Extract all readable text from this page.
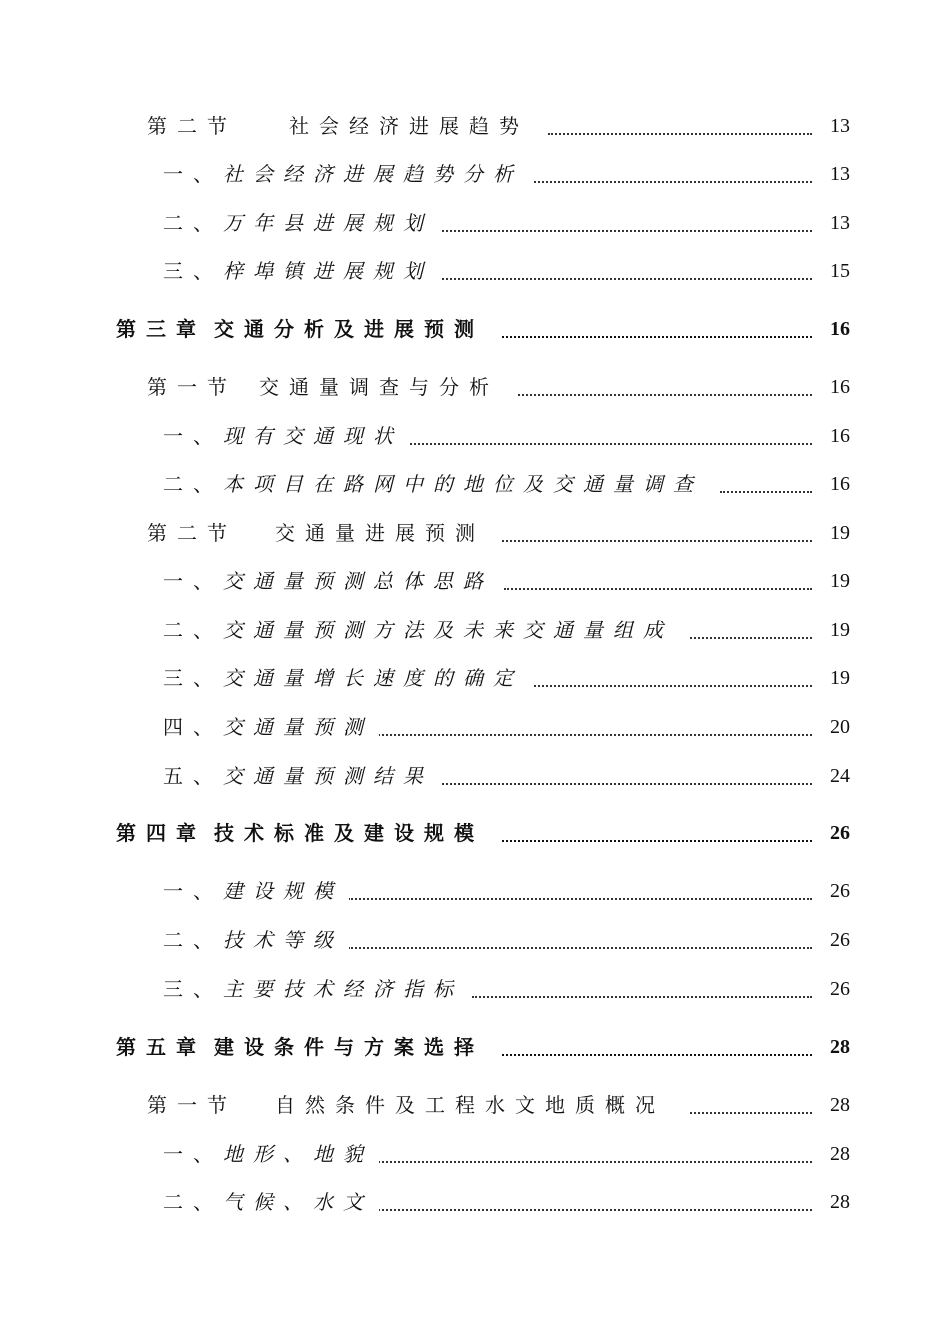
第二节	社会经济进展趋势	13
一、社会经济进展趋势分析	13
二、万年县进展规划	13
三、梓埠镇进展规划	15
第三章 交通分析及进展预测	16
第一节 交通量调查与分析	16
一、现有交通现状	16
二、本项目在路网中的地位及交通量调查	16
第二节 交通量进展预测	19
一、交通量预测总体思路	19
二、交通量预测方法及未来交通量组成	19
三、交通量增长速度的确定	19
四、交通量预测	20
五、交通量预测结果	24
第四章 技术标准及建设规模	26
一、建设规模	26
二、技术等级	26
三、主要技术经济指标	26
第五章 建设条件与方案选择	28
第一节 自然条件及工程水文地质概况	28
一、地形、地貌	28
二、气候、水文	28
